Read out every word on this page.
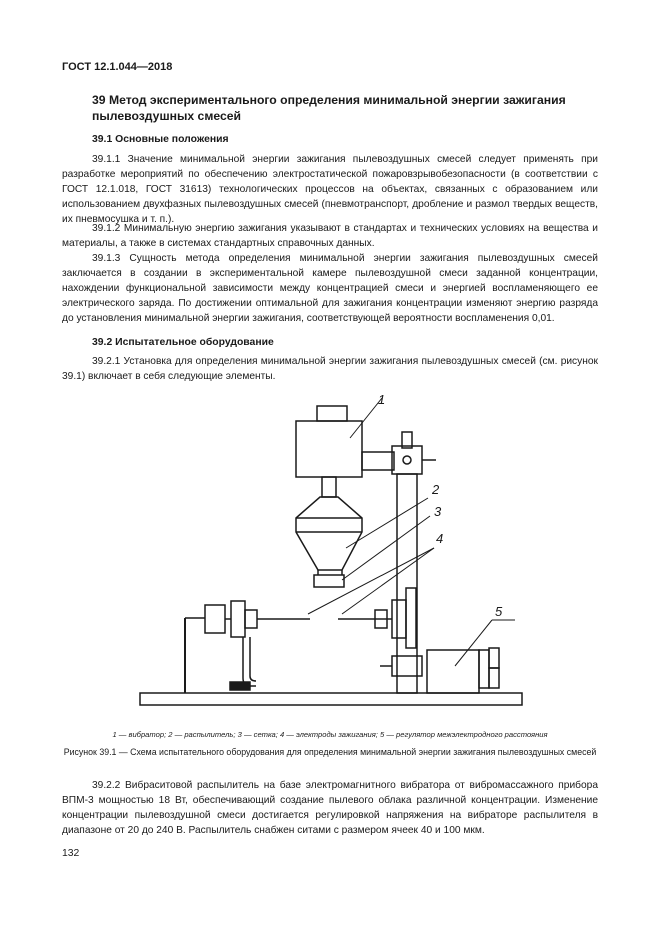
ГОСТ 12.1.044—2018
39 Метод экспериментального определения минимальной энергии зажигания пылевоздушных смесей
39.1 Основные положения

39.1.1 Значение минимальной энергии зажигания пылевоздушных смесей следует применять при разработке мероприятий по обеспечению электростатической пожаровзрывобезопасности (в соответствии с ГОСТ 12.1.018, ГОСТ 31613) технологических процессов на объектах, связанных с образованием или использованием двухфазных пылевоздушных смесей (пневмотранспорт, дробление и размол твердых веществ, их пневмосушка и т. п.).

39.1.2 Минимальную энергию зажигания указывают в стандартах и технических условиях на вещества и материалы, а также в системах стандартных справочных данных.

39.1.3 Сущность метода определения минимальной энергии зажигания пылевоздушных смесей заключается в создании в экспериментальной камере пылевоздушной смеси заданной концентрации, нахождении функциональной зависимости между концентрацией смеси и энергией воспламеняющего ее электрического заряда. По достижении оптимальной для зажигания концентрации изменяют энергию разряда до установления минимальной энергии зажигания, соответствующей вероятности воспламенения 0,01.

39.2 Испытательное оборудование

39.2.1 Установка для определения минимальной энергии зажигания пылевоздушных смесей (см. рисунок 39.1) включает в себя следующие элементы.

1
2
3
4
5
1 — вибратор; 2 — распылитель; 3 — сетка; 4 — электроды зажигания; 5 — регулятор межэлектродного расстояния
Рисунок 39.1 — Схема испытательного оборудования для определения минимальной энергии зажигания пылевоздушных смесей

39.2.2 Вибраситовой распылитель на базе электромагнитного вибратора от вибромассажного прибора ВПМ-3 мощностью 18 Вт, обеспечивающий создание пылевого облака различной концентрации. Изменение концентрации пылевоздушной смеси достигается регулировкой напряжения на вибраторе распылителя в диапазоне от 20 до 240 В. Распылитель снабжен ситами с размером ячеек 40 и 100 мкм.

132
